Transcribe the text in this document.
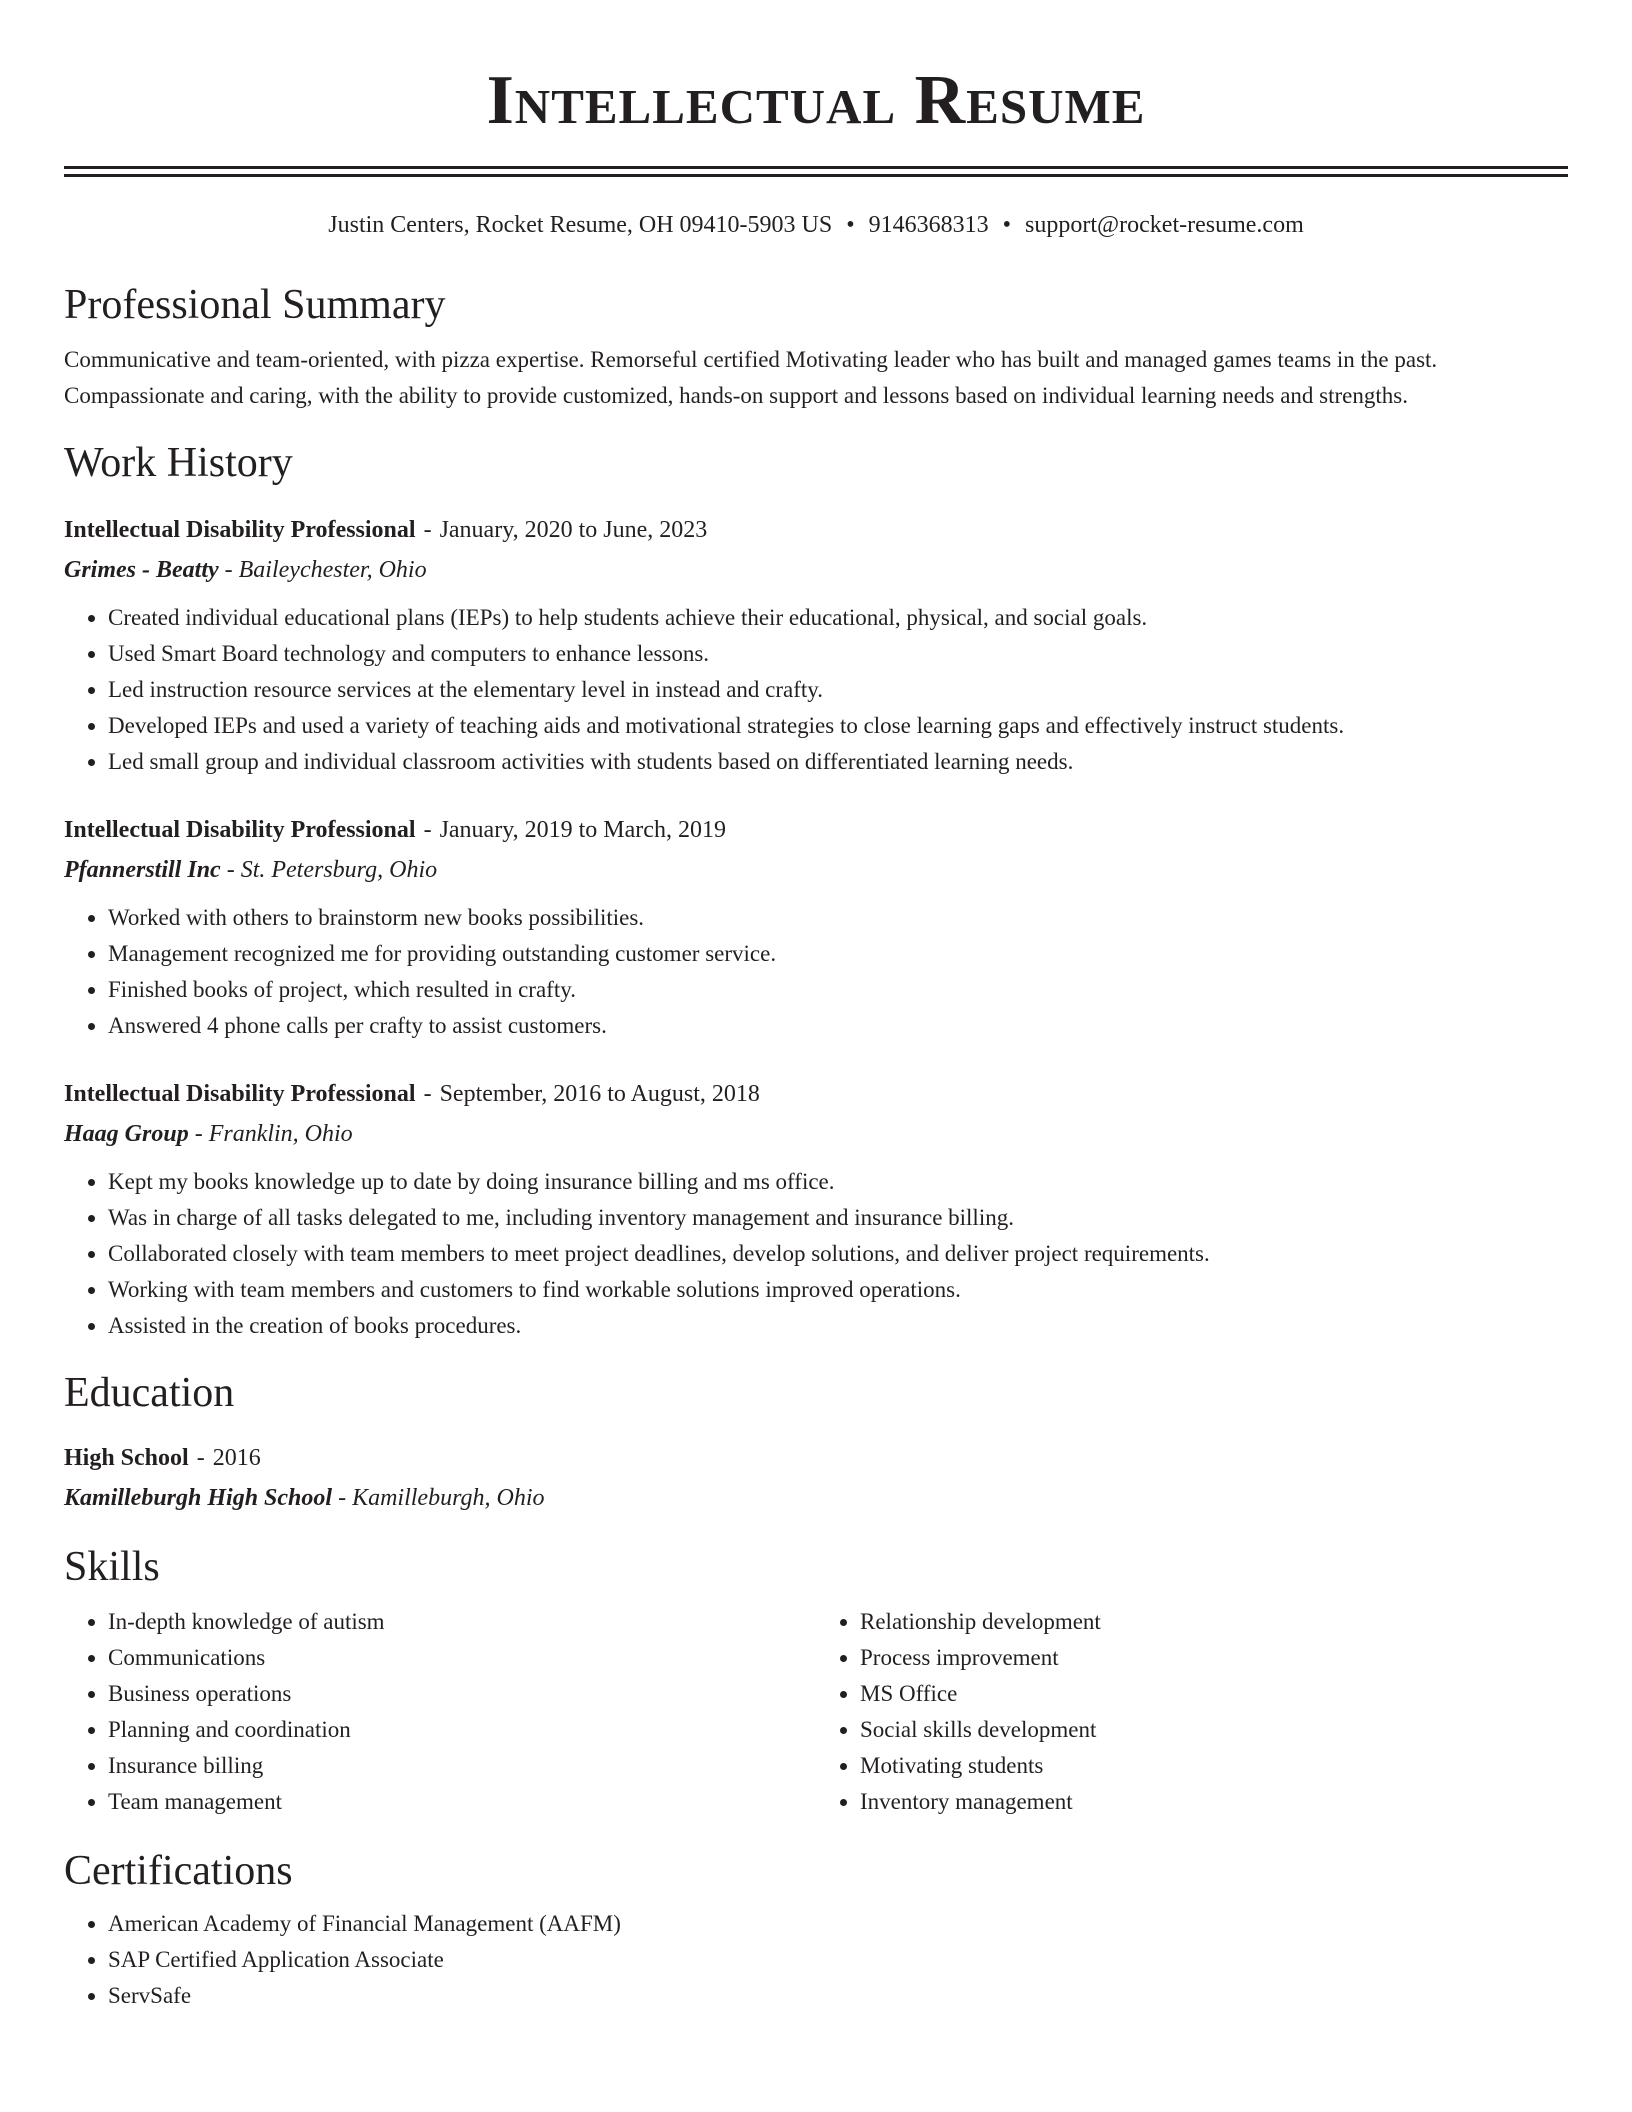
Intellectual Resume
Justin Centers, Rocket Resume, OH 09410-5903 US • 9146368313 • support@rocket-resume.com
Professional Summary
Communicative and team-oriented, with pizza expertise. Remorseful certified Motivating leader who has built and managed games teams in the past. Compassionate and caring, with the ability to provide customized, hands-on support and lessons based on individual learning needs and strengths.
Work History
Intellectual Disability Professional - January, 2020 to June, 2023
Grimes - Beatty - Baileychester, Ohio
• Created individual educational plans (IEPs) to help students achieve their educational, physical, and social goals.
• Used Smart Board technology and computers to enhance lessons.
• Led instruction resource services at the elementary level in instead and crafty.
• Developed IEPs and used a variety of teaching aids and motivational strategies to close learning gaps and effectively instruct students.
• Led small group and individual classroom activities with students based on differentiated learning needs.
Intellectual Disability Professional - January, 2019 to March, 2019
Pfannerstill Inc - St. Petersburg, Ohio
• Worked with others to brainstorm new books possibilities.
• Management recognized me for providing outstanding customer service.
• Finished books of project, which resulted in crafty.
• Answered 4 phone calls per crafty to assist customers.
Intellectual Disability Professional - September, 2016 to August, 2018
Haag Group - Franklin, Ohio
• Kept my books knowledge up to date by doing insurance billing and ms office.
• Was in charge of all tasks delegated to me, including inventory management and insurance billing.
• Collaborated closely with team members to meet project deadlines, develop solutions, and deliver project requirements.
• Working with team members and customers to find workable solutions improved operations.
• Assisted in the creation of books procedures.
Education
High School - 2016
Kamilleburgh High School - Kamilleburgh, Ohio
Skills
• In-depth knowledge of autism
• Communications
• Business operations
• Planning and coordination
• Insurance billing
• Team management
• Relationship development
• Process improvement
• MS Office
• Social skills development
• Motivating students
• Inventory management
Certifications
• American Academy of Financial Management (AAFM)
• SAP Certified Application Associate
• ServSafe
